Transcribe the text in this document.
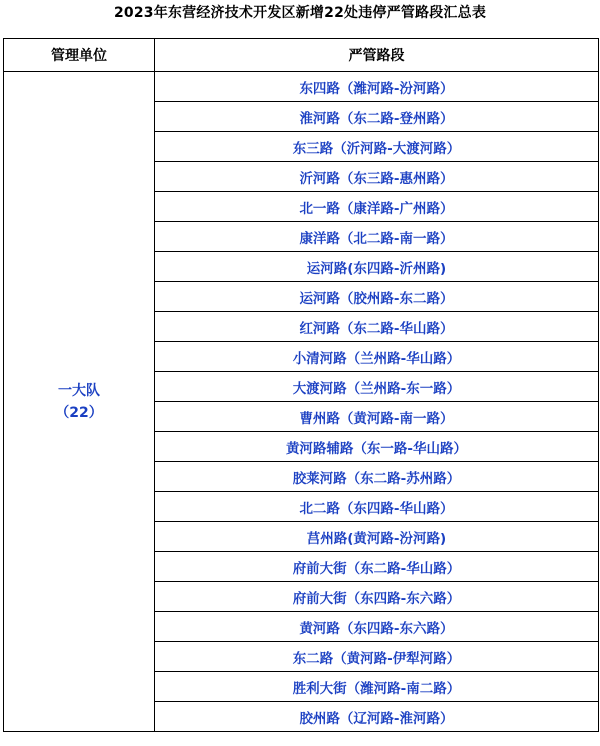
2023年东营经济技术开发区新增22处违停严管路段汇总表
管理单位	严管路段

一大队
（22）	东四路（潍河路-汾河路）
	淮河路（东二路-登州路）
	东三路（沂河路-大渡河路）
	沂河路（东三路-惠州路）
	北一路（康洋路-广州路）
	康洋路（北二路-南一路）
	运河路(东四路-沂州路)
	运河路（胶州路-东二路）
	红河路（东二路-华山路）
	小清河路（兰州路-华山路）
	大渡河路（兰州路-东一路）
	曹州路（黄河路-南一路）
	黄河路辅路（东一路-华山路）
	胶莱河路（东二路-苏州路）
	北二路（东四路-华山路）
	莒州路(黄河路-汾河路)
	府前大街（东二路-华山路）
	府前大街（东四路-东六路）
	黄河路（东四路-东六路）
	东二路（黄河路-伊犁河路）
	胜利大街（潍河路-南二路）
	胶州路（辽河路-淮河路）
